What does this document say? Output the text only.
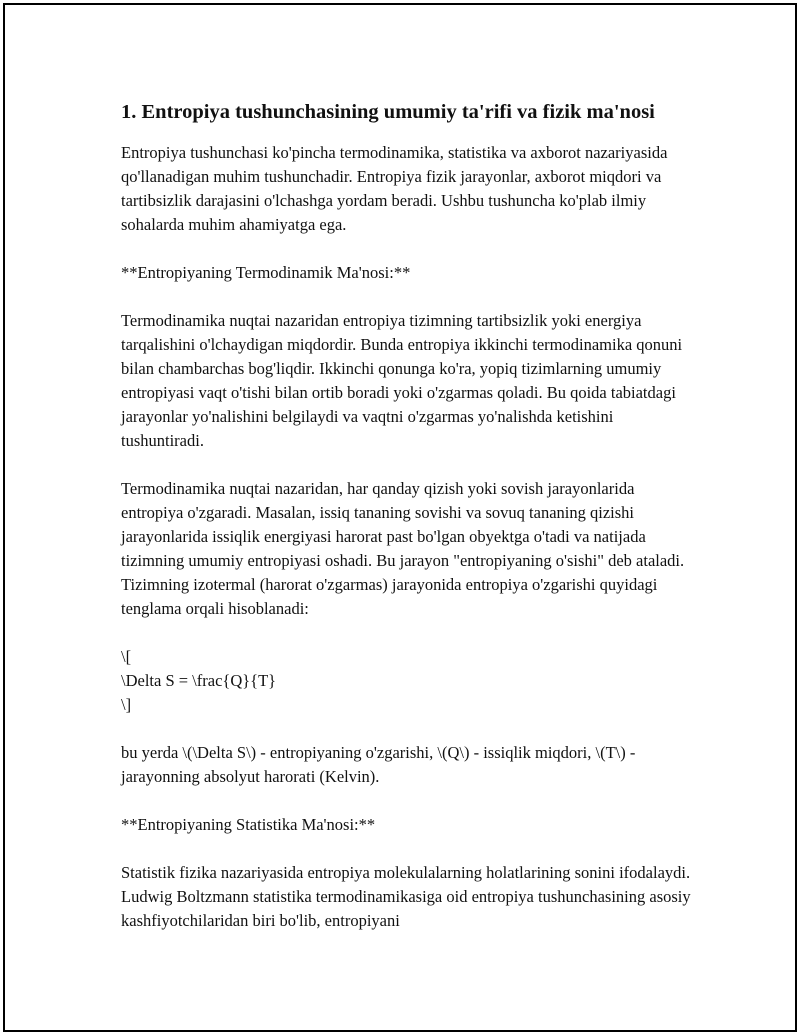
1. Entropiya tushunchasining umumiy ta'rifi va fizik ma'nosi

Entropiya tushunchasi ko'pincha termodinamika, statistika va axborot nazariyasida qo'llanadigan muhim tushunchadir. Entropiya fizik jarayonlar, axborot miqdori va tartibsizlik darajasini o'lchashga yordam beradi. Ushbu tushuncha ko'plab ilmiy sohalarda muhim ahamiyatga ega.

**Entropiyaning Termodinamik Ma'nosi:**

Termodinamika nuqtai nazaridan entropiya tizimning tartibsizlik yoki energiya tarqalishini o'lchaydigan miqdordir. Bunda entropiya ikkinchi termodinamika qonuni bilan chambarchas bog'liqdir. Ikkinchi qonunga ko'ra, yopiq tizimlarning umumiy entropiyasi vaqt o'tishi bilan ortib boradi yoki o'zgarmas qoladi. Bu qoida tabiatdagi jarayonlar yo'nalishini belgilaydi va vaqtni o'zgarmas yo'nalishda ketishini tushuntiradi.

Termodinamika nuqtai nazaridan, har qanday qizish yoki sovish jarayonlarida entropiya o'zgaradi. Masalan, issiq tananing sovishi va sovuq tananing qizishi jarayonlarida issiqlik energiyasi harorat past bo'lgan obyektga o'tadi va natijada tizimning umumiy entropiyasi oshadi. Bu jarayon "entropiyaning o'sishi" deb ataladi. Tizimning izotermal (harorat o'zgarmas) jarayonida entropiya o'zgarishi quyidagi tenglama orqali hisoblanadi:

\[
\Delta S = \frac{Q}{T}
\]

bu yerda \(\Delta S\) - entropiyaning o'zgarishi, \(Q\) - issiqlik miqdori, \(T\) - jarayonning absolyut harorati (Kelvin).

**Entropiyaning Statistika Ma'nosi:**

Statistik fizika nazariyasida entropiya molekulalarning holatlarining sonini ifodalaydi. Ludwig Boltzmann statistika termodinamikasiga oid entropiya tushunchasining asosiy kashfiyotchilaridan biri bo'lib, entropiyani
